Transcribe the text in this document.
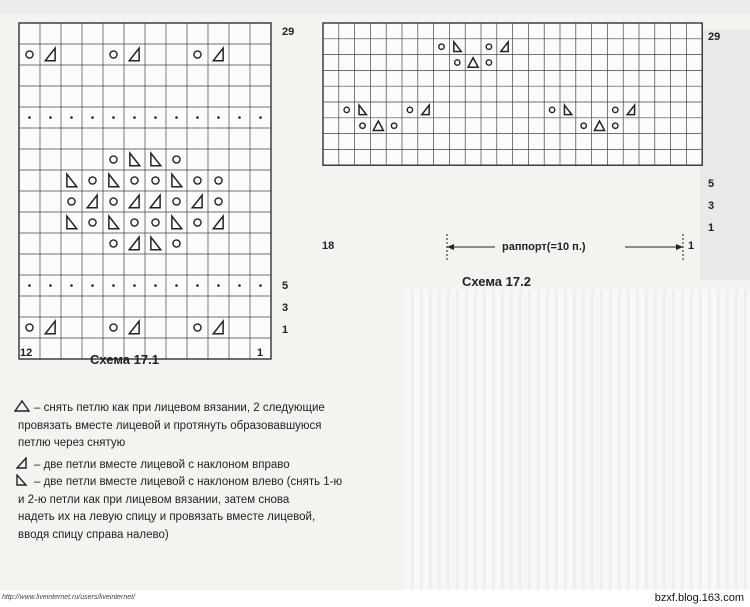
29
5
3
1
12	1
Схема 17.1
29
5
3
1
18	1
раппорт(=10 п.)
Схема 17.2
– снять петлю как при лицевом вязании, 2 следующие
провязать вместе лицевой и протянуть образовавшуюся
петлю через снятую
– две петли вместе лицевой с наклоном вправо
– две петли вместе лицевой с наклоном влево (снять 1-ю
и 2-ю петли как при лицевом вязании, затем снова
надеть их на левую спицу и провязать вместе лицевой,
вводя спицу справа налево)
http://www.liveinternet.ru/users/liveinternet/	bzxf.blog.163.com
